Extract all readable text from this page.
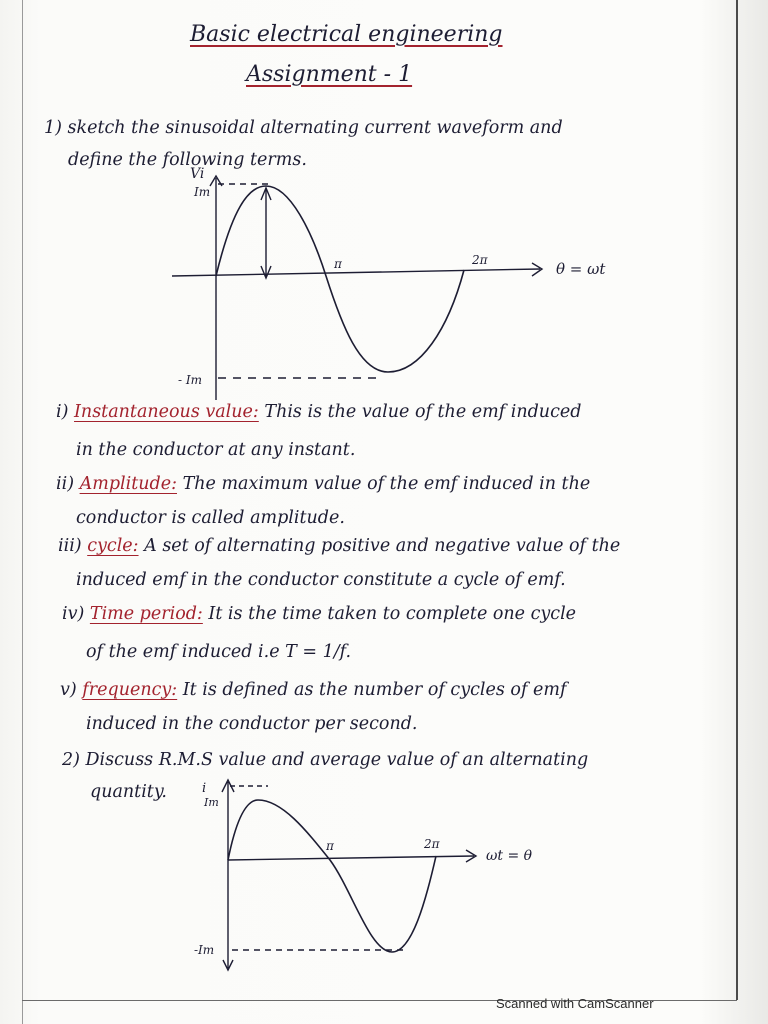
Basic electrical engineering
Assignment - 1
1) sketch the sinusoidal alternating current waveform and
define the following terms.
Vi
Im
- Im
π	2π	θ = ωt
i) Instantaneous value: This is the value of the emf induced
in the conductor at any instant.
ii) Amplitude: The maximum value of the emf induced in the
conductor is called amplitude.
iii) cycle: A set of alternating positive and negative value of the
induced emf in the conductor constitute a cycle of emf.
iv) Time period: It is the time taken to complete one cycle
of the emf induced i.e T = 1/f.
v) frequency: It is defined as the number of cycles of emf
induced in the conductor per second.
2) Discuss R.M.S value and average value of an alternating
quantity.	i
Im
-Im
π	2π
ωt = θ
Scanned with CamScanner
